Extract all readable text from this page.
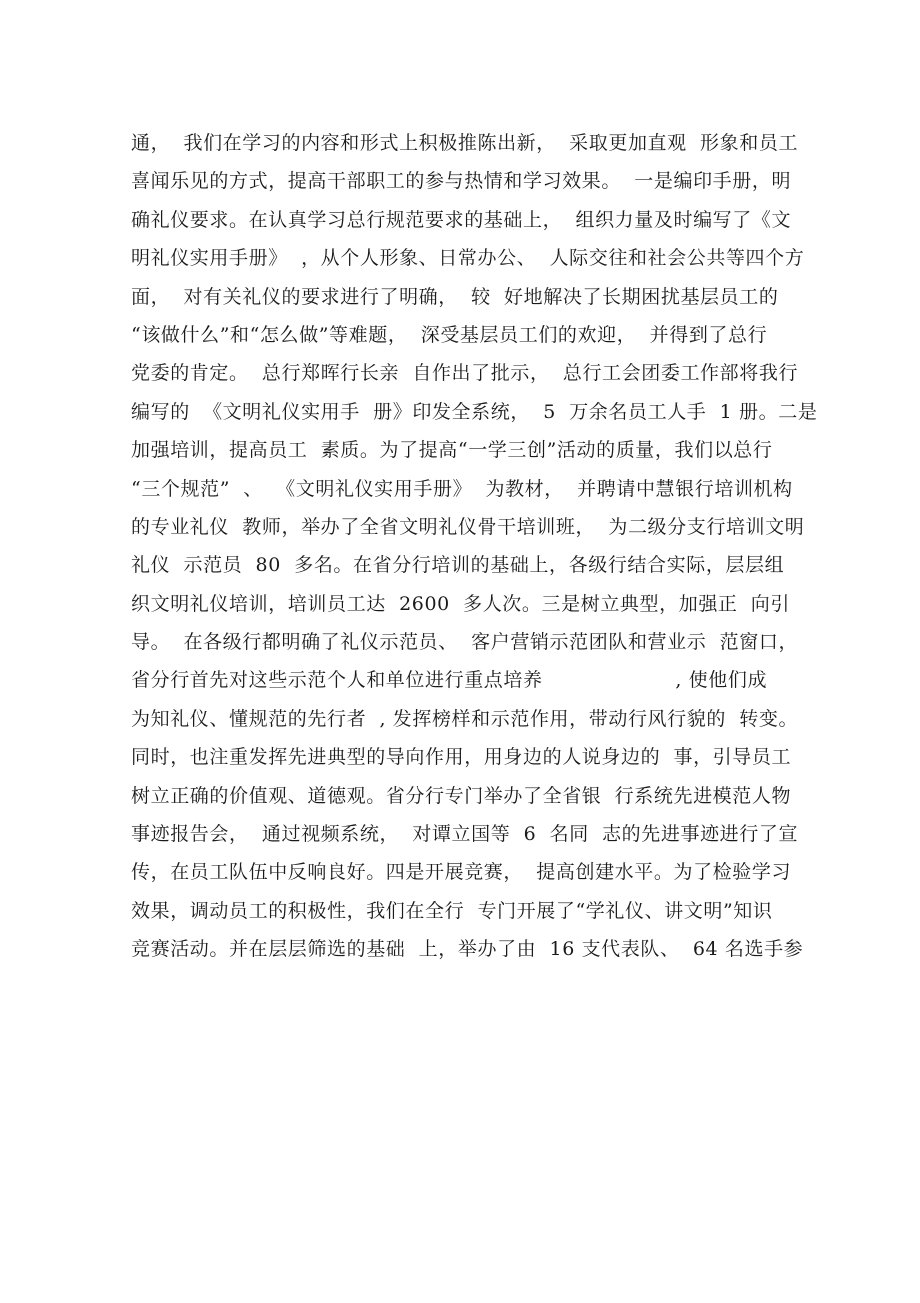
通，  我们在学习的内容和形式上积极推陈出新，  采取更加直观  形象和员工
喜闻乐见的方式，提高干部职工的参与热情和学习效果。  一是编印手册，明
确礼仪要求。在认真学习总行规范要求的基础上，  组织力量及时编写了《文
明礼仪实用手册》  ，从个人形象、日常办公、  人际交往和社会公共等四个方
面，  对有关礼仪的要求进行了明确，  较  好地解决了长期困扰基层员工的
“该做什么”和“怎么做”等难题，  深受基层员工们的欢迎，  并得到了总行
党委的肯定。  总行郑晖行长亲  自作出了批示，  总行工会团委工作部将我行
编写的  《文明礼仪实用手  册》印发全系统，  5  万余名员工人手  1 册。二是
加强培训，提高员工  素质。为了提高“一学三创”活动的质量，我们以总行
“三个规范”  、  《文明礼仪实用手册》  为教材，  并聘请中慧银行培训机构
的专业礼仪  教师，举办了全省文明礼仪骨干培训班，  为二级分支行培训文明
礼仪  示范员  80  多名。在省分行培训的基础上，各级行结合实际，层层组
织文明礼仪培训，培训员工达  2600  多人次。三是树立典型，加强正  向引
导。  在各级行都明确了礼仪示范员、  客户营销示范团队和营业示  范窗口，
省分行首先对这些示范个人和单位进行重点培养                    , 使他们成
为知礼仪、懂规范的先行者  , 发挥榜样和示范作用，带动行风行貌的  转变。
同时，也注重发挥先进典型的导向作用，用身边的人说身边的  事，引导员工
树立正确的价值观、道德观。省分行专门举办了全省银  行系统先进模范人物
事迹报告会，  通过视频系统，  对谭立国等  6  名同  志的先进事迹进行了宣
传，在员工队伍中反响良好。四是开展竞赛，  提高创建水平。为了检验学习
效果，调动员工的积极性，我们在全行  专门开展了“学礼仪、讲文明”知识
竞赛活动。并在层层筛选的基础  上，举办了由  16 支代表队、  64 名选手参
